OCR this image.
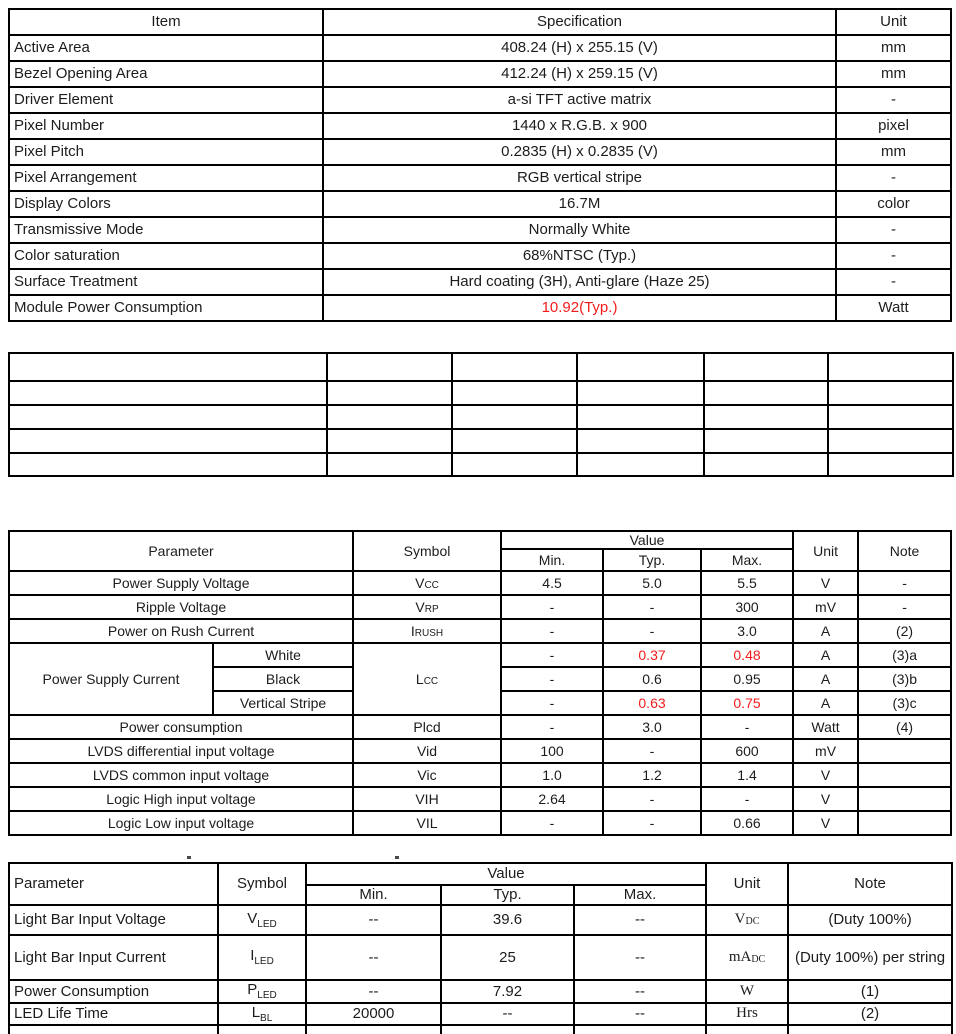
Item	Specification	Unit
Active Area	408.24 (H) x 255.15 (V)	mm
Bezel Opening Area	412.24 (H) x 259.15 (V)	mm
Driver Element	a-si TFT active matrix	-
Pixel Number	1440 x R.G.B. x 900	pixel
Pixel Pitch	0.2835 (H) x 0.2835 (V)	mm
Pixel Arrangement	RGB vertical stripe	-
Display Colors	16.7M	color
Transmissive Mode	Normally White	-
Color saturation	68%NTSC (Typ.)	-
Surface Treatment	Hard coating (3H), Anti-glare (Haze 25)	-
Module Power Consumption	10.92(Typ.)	Watt

Parameter		Symbol	Value			Unit	Note
			Min.	Typ.	Max.		
Power Supply Voltage		VCC	4.5	5.0	5.5	V	-
Ripple Voltage		VRP	-	-	300	mV	-
Power on Rush Current		IRUSH	-	-	3.0	A	(2)
Power Supply Current	White	LCC	-	0.37	0.48	A	(3)a
	Black		-	0.6	0.95	A	(3)b
	Vertical Stripe		-	0.63	0.75	A	(3)c
Power consumption		Plcd	-	3.0	-	Watt	(4)
LVDS differential input voltage		Vid	100	-	600	mV	
LVDS common input voltage		Vic	1.0	1.2	1.4	V	
Logic High input voltage		VIH	2.64	-	-	V	
Logic Low input voltage		VIL	-	-	0.66	V	
Parameter	Symbol	Value			Unit	Note
		Min.	Typ.	Max.		
Light Bar Input Voltage	$V_{LED}$	--	39.6	--	VDC	(Duty 100%)
Light Bar Input Current	$I_{LED}$	--	25	--	mADC	(Duty 100%) per string
Power Consumption	$P_{LED}$	--	7.92	--	W	(1)
LED Life Time	$L_{BL}$	20000	--	--	Hrs	(2)
